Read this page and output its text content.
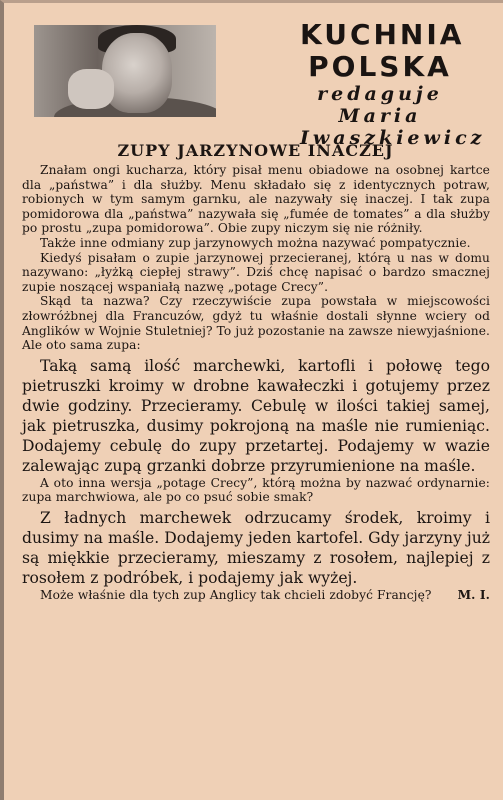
KUCHNIA
POLSKA
redaguje
Maria
Iwaszkiewicz
ZUPY JARZYNOWE INACZEJ

Znałam ongi kucharza, który pisał menu obiadowe na osobnej kartce dla „państwa” i dla służby. Menu składało się z identycznych potraw, robionych w tym samym garnku, ale nazywały się inaczej. I tak zupa pomidorowa dla „państwa” nazywała się „fumée de tomates” a dla służby po prostu „zupa pomidorowa”. Obie zupy niczym się nie różniły.

Także inne odmiany zup jarzynowych można nazywać pompatycznie.

Kiedyś pisałam o zupie jarzynowej przecieranej, którą u nas w domu nazywano: „łyżką ciepłej strawy”. Dziś chcę napisać o bardzo smacznej zupie noszącej wspaniałą nazwę „potage Crecy”.

Skąd ta nazwa? Czy rzeczywiście zupa powstała w miejscowości złowróżbnej dla Francuzów, gdyż tu właśnie dostali słynne wciery od Anglików w Wojnie Stuletniej? To już pozostanie na zawsze niewyjaśnione. Ale oto sama zupa:

Taką samą ilość marchewki, kartofli i połowę tego pietruszki kroimy w drobne kawałeczki i gotujemy przez dwie godziny. Przecieramy. Cebulę w ilości takiej samej, jak pietruszka, dusimy pokrojoną na maśle nie rumieniąc. Dodajemy cebulę do zupy przetartej. Podajemy w wazie zalewając zupą grzanki dobrze przyrumienione na maśle.

A oto inna wersja „potage Crecy”, którą można by nazwać ordynarnie: zupa marchwiowa, ale po co psuć sobie smak?

Z ładnych marchewek odrzucamy środek, kroimy i dusimy na maśle. Dodajemy jeden kartofel. Gdy jarzyny już są miękkie przecieramy, mieszamy z rosołem, najlepiej z rosołem z podróbek, i podajemy jak wyżej.

Może właśnie dla tych zup Anglicy tak chcieli zdobyć Francję?	M. I.
